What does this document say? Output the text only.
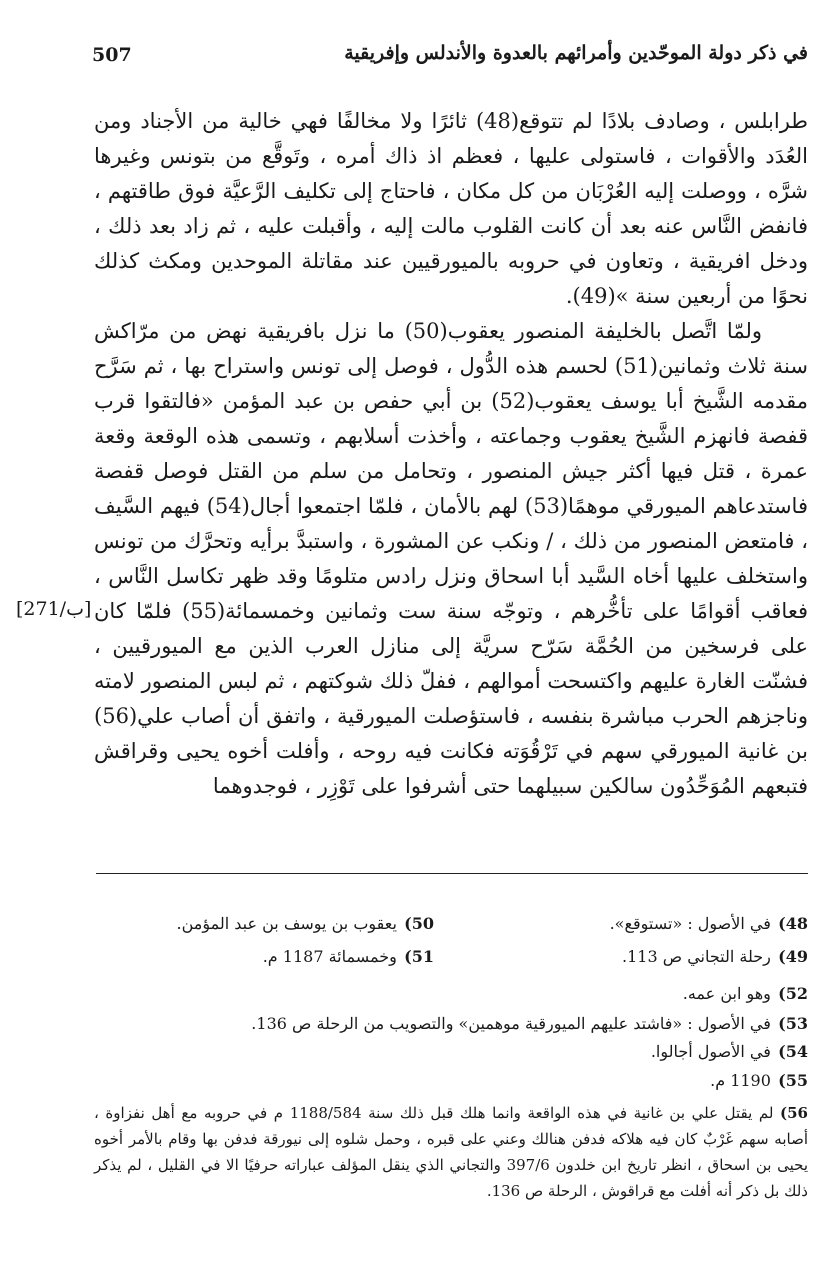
507	في ذكر دولة الموحّدين وأمرائهم بالعدوة والأندلس وإفريقية

طرابلس ، وصادف بلادًا لم تتوقع(48) ثائرًا ولا مخالفًا فهي خالية من الأجناد ومن العُدَد والأقوات ، فاستولى عليها ، فعظم اذ ذاك أمره ، وتَوقَّع من بتونس وغيرها شرَّه ، ووصلت إليه العُرْبَان من كل مكان ، فاحتاج إلى تكليف الرَّعيَّة فوق طاقتهم ، فانفض النَّاس عنه بعد أن كانت القلوب مالت إليه ، وأقبلت عليه ، ثم زاد بعد ذلك ، ودخل افريقية ، وتعاون في حروبه بالميورقيين عند مقاتلة الموحدين ومكث كذلك نحوًا من أربعين سنة »(49).

ولمّا اتَّصل بالخليفة المنصور يعقوب(50) ما نزل بافريقية نهض من مرّاكش سنة ثلاث وثمانين(51) لحسم هذه الدُّول ، فوصل إلى تونس واستراح بها ، ثم سَرَّح مقدمه الشَّيخ أبا يوسف يعقوب(52) بن أبي حفص بن عبد المؤمن «فالتقوا قرب قفصة فانهزم الشَّيخ يعقوب وجماعته ، وأخذت أسلابهم ، وتسمى هذه الوقعة وقعة عمرة ، قتل فيها أكثر جيش المنصور ، وتحامل من سلم من القتل فوصل قفصة فاستدعاهم الميورقي موهمًا(53) لهم بالأمان ، فلمّا اجتمعوا أجال(54) فيهم السَّيف ، فامتعض المنصور من ذلك ، / ونكب عن المشورة ، واستبدَّ برأيه وتحرَّك من تونس واستخلف عليها أخاه السَّيد أبا اسحاق ونزل رادس متلومًا وقد ظهر تكاسل النَّاس ، فعاقب أقوامًا على تأخُّرهم ، وتوجّه سنة ست وثمانين وخمسمائة(55) فلمّا كان على فرسخين من الحُمَّة سَرّح سريَّة إلى منازل العرب الذين مع الميورقيين ، فشنّت الغارة عليهم واكتسحت أموالهم ، ففلّ ذلك شوكتهم ، ثم لبس المنصور لامته وناجزهم الحرب مباشرة بنفسه ، فاستؤصلت الميورقية ، واتفق أن أصاب علي(56) بن غانية الميورقي سهم في تَرْقُوَته فكانت فيه روحه ، وأفلت أخوه يحيى وقراقش فتبعهم المُوَحِّدُون سالكين سبيلهما حتى أشرفوا على تَوْزِر ، فوجدوهما

[271/ب]
48) في الأصول : «تستوقع».
50) يعقوب بن يوسف بن عبد المؤمن.
49) رحلة التجاني ص 113.
51) وخمسمائة 1187 م.
52) وهو ابن عمه.
53) في الأصول : «فاشتد عليهم الميورقية موهمين» والتصويب من الرحلة ص 136.
54) في الأصول أجالوا.
55) 1190 م.
56) لم يقتل علي بن غانية في هذه الواقعة وانما هلك قبل ذلك سنة 1188/584 م في حروبه مع أهل نفزاوة ، أصابه سهم غَرْبٌ كان فيه هلاكه فدفن هنالك وعني على قبره ، وحمل شلوه إلى نيورقة فدفن بها وقام بالأمر أخوه يحيى بن اسحاق ، انظر تاريخ ابن خلدون 397/6 والتجاني الذي ينقل المؤلف عباراته حرفيًا الا في القليل ، لم يذكر ذلك بل ذكر أنه أفلت مع قراقوش ، الرحلة ص 136.
